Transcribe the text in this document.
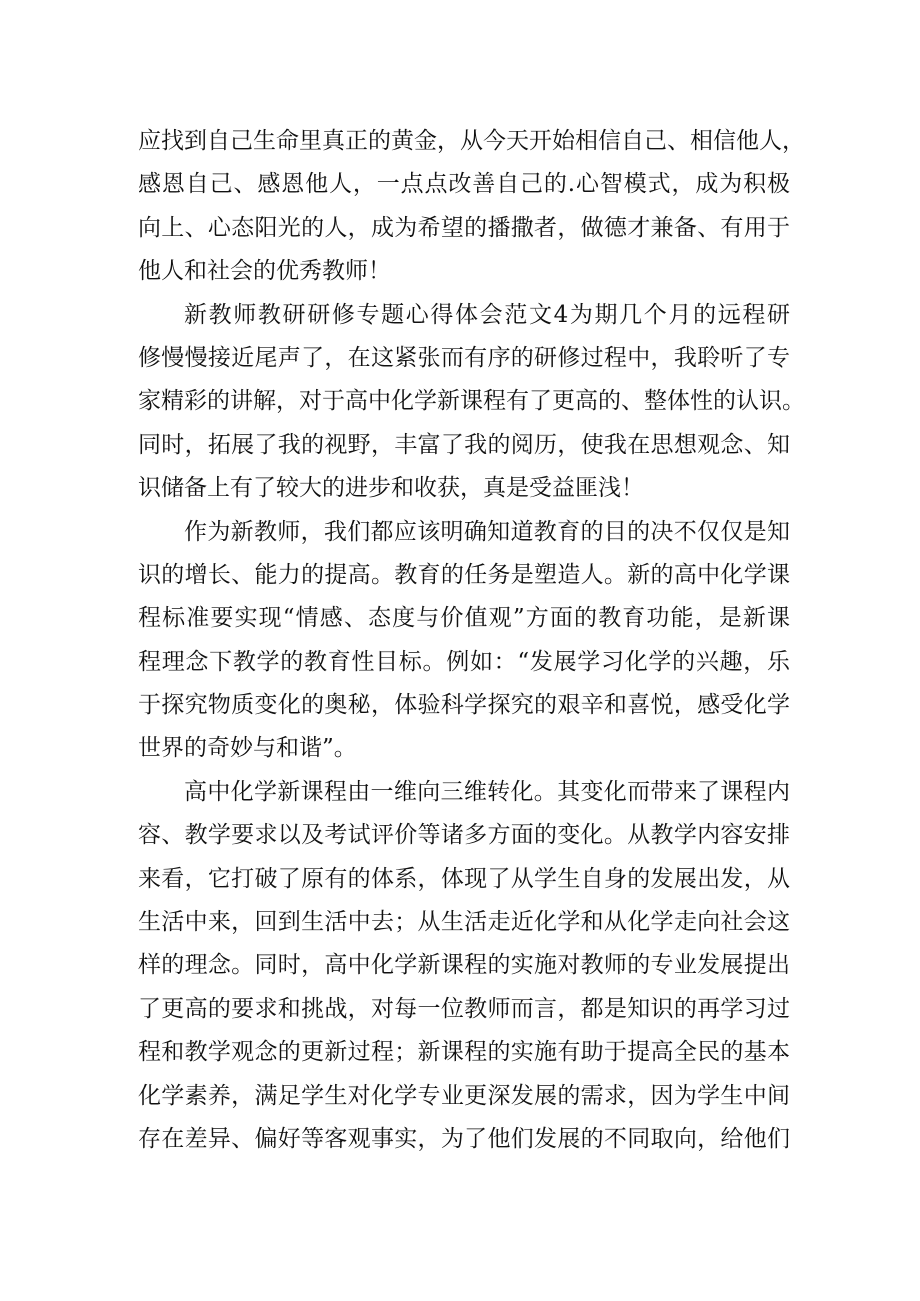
应找到自己生命里真正的黄金，从今天开始相信自己、相信他人，
感恩自己、感恩他人，一点点改善自己的.心智模式，成为积极
向上、心态阳光的人，成为希望的播撒者，做德才兼备、有用于
他人和社会的优秀教师！
新教师教研研修专题心得体会范文4为期几个月的远程研
修慢慢接近尾声了，在这紧张而有序的研修过程中，我聆听了专
家精彩的讲解，对于高中化学新课程有了更高的、整体性的认识。
同时，拓展了我的视野，丰富了我的阅历，使我在思想观念、知
识储备上有了较大的进步和收获，真是受益匪浅！
作为新教师，我们都应该明确知道教育的目的决不仅仅是知
识的增长、能力的提高。教育的任务是塑造人。新的高中化学课
程标准要实现“情感、态度与价值观”方面的教育功能，是新课
程理念下教学的教育性目标。例如：“发展学习化学的兴趣，乐
于探究物质变化的奥秘，体验科学探究的艰辛和喜悦，感受化学
世界的奇妙与和谐”。
高中化学新课程由一维向三维转化。其变化而带来了课程内
容、教学要求以及考试评价等诸多方面的变化。从教学内容安排
来看，它打破了原有的体系，体现了从学生自身的发展出发，从
生活中来，回到生活中去；从生活走近化学和从化学走向社会这
样的理念。同时，高中化学新课程的实施对教师的专业发展提出
了更高的要求和挑战，对每一位教师而言，都是知识的再学习过
程和教学观念的更新过程；新课程的实施有助于提高全民的基本
化学素养，满足学生对化学专业更深发展的需求，因为学生中间
存在差异、偏好等客观事实，为了他们发展的不同取向，给他们
